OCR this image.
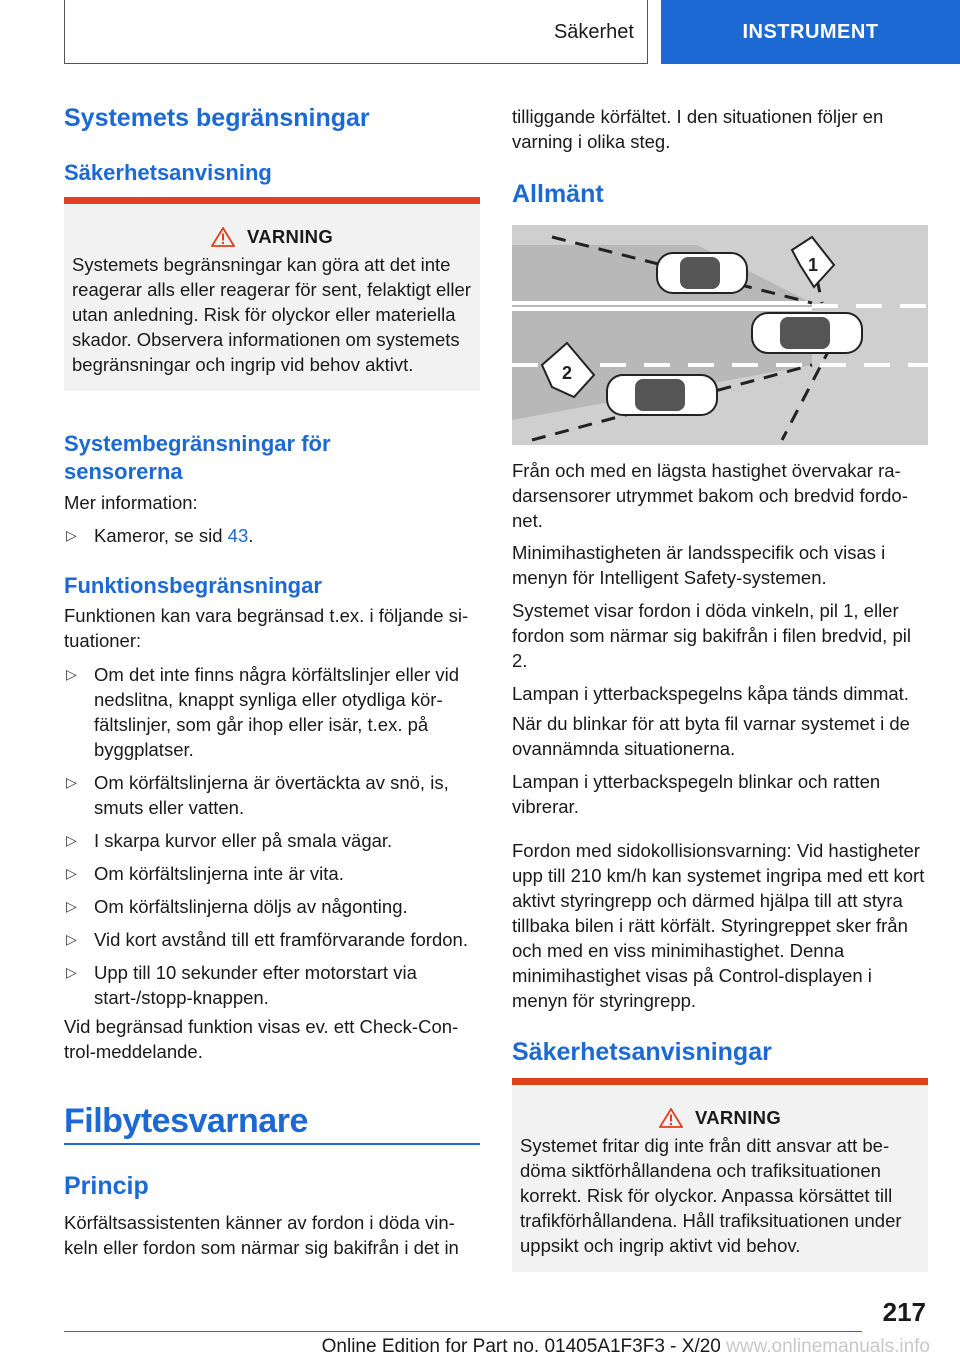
Säkerhet	INSTRUMENT
Systemets begränsningar
Säkerhetsanvisning
VARNING
Systemets begränsningar kan göra att det inte reagerar alls eller reagerar för sent, felaktigt eller utan anledning. Risk för olyckor eller materiella skador. Observera informationen om systemets begränsningar och ingrip vid behov aktivt.
Systembegränsningar för
sensorerna

Mer information:

▷ Kameror, se sid 43.
Funktionsbegränsningar

Funktionen kan vara begränsad t.ex. i följande situationer:

▷ Om det inte finns några körfältslinjer eller vid nedslitna, knappt synliga eller otydliga körfältslinjer, som går ihop eller isär, t.ex. på byggplatser.
▷ Om körfältslinjerna är övertäckta av snö, is, smuts eller vatten.
▷ I skarpa kurvor eller på smala vägar.
▷ Om körfältslinjerna inte är vita.
▷ Om körfältslinjerna döljs av någonting.
▷ Vid kort avstånd till ett framförvarande fordon.
▷ Upp till 10 sekunder efter motorstart via start-/stopp-knappen.

Vid begränsad funktion visas ev. ett Check-Control-meddelande.

Filbytesvarnare
Princip

Körfältsassistenten känner av fordon i döda vinkeln eller fordon som närmar sig bakifrån i det in

tilliggande körfältet. I den situationen följer en varning i olika steg.

Allmänt
1
2

Från och med en lägsta hastighet övervakar radarsensorer utrymmet bakom och bredvid fordonet.

Minimihastigheten är landsspecifik och visas i menyn för Intelligent Safety-systemen.

Systemet visar fordon i döda vinkeln, pil 1, eller fordon som närmar sig bakifrån i filen bredvid, pil 2.

Lampan i ytterbackspegelns kåpa tänds dimmat.

När du blinkar för att byta fil varnar systemet i de ovannämnda situationerna.

Lampan i ytterbackspegeln blinkar och ratten vibrerar.

Fordon med sidokollisionsvarning: Vid hastigheter upp till 210 km/h kan systemet ingripa med ett kort aktivt styringrepp och därmed hjälpa till att styra tillbaka bilen i rätt körfält. Styringreppet sker från och med en viss minimihastighet. Denna minimihastighet visas på Control-displayen i menyn för styringrepp.

Säkerhetsanvisningar
VARNING
Systemet fritar dig inte från ditt ansvar att bedöma siktförhållandena och trafiksituationen korrekt. Risk för olyckor. Anpassa körsättet till trafikförhållandena. Håll trafiksituationen under uppsikt och ingrip aktivt vid behov.
217
Online Edition for Part no. 01405A1F3F3 - X/20 www.onlinemanuals.info
